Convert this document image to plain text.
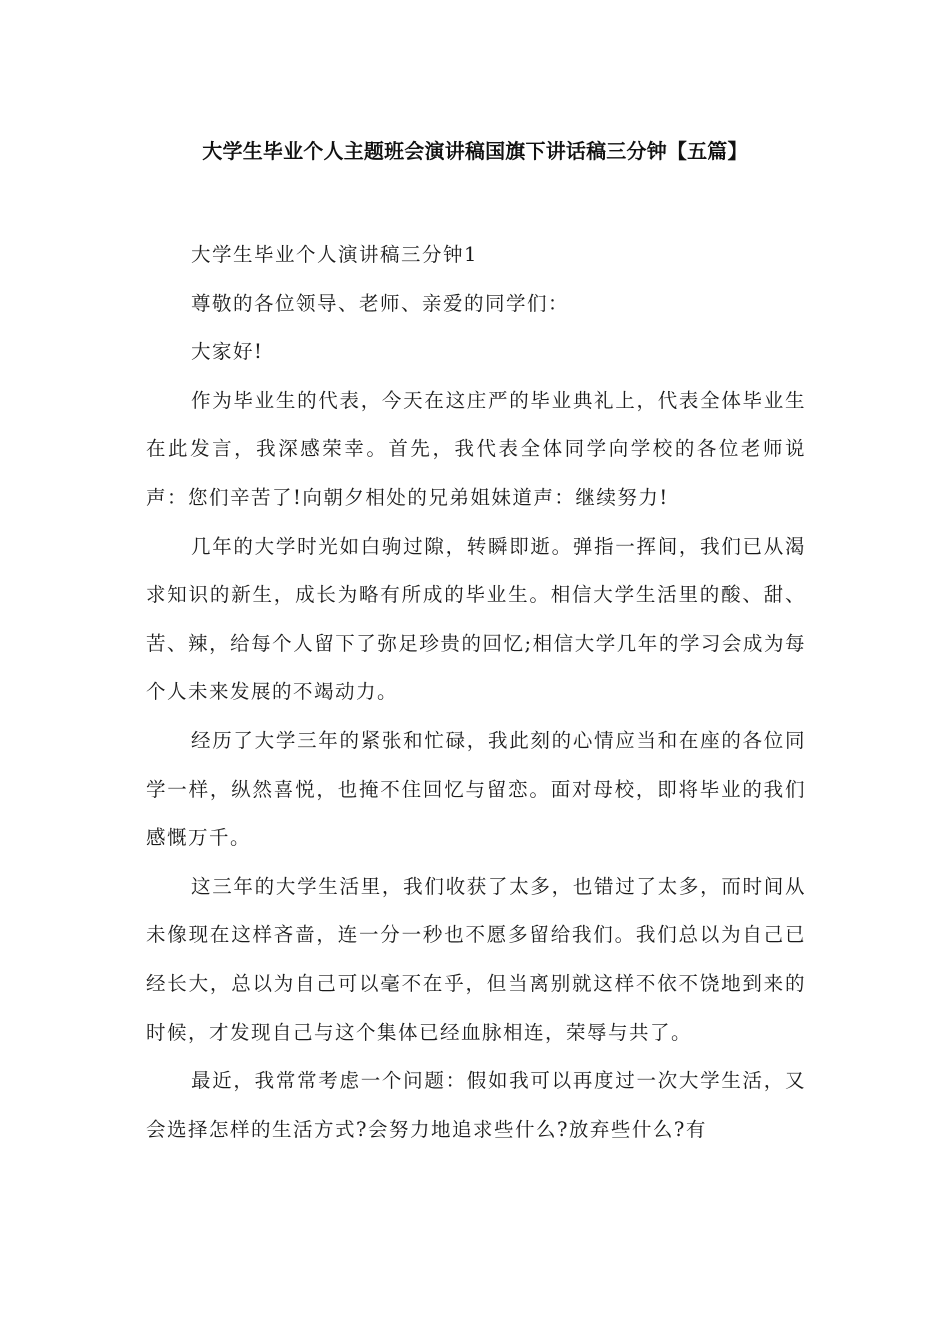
大学生毕业个人主题班会演讲稿国旗下讲话稿三分钟【五篇】

大学生毕业个人演讲稿三分钟1

尊敬的各位领导、老师、亲爱的同学们：

大家好!

作为毕业生的代表，今天在这庄严的毕业典礼上，代表全体毕业生在此发言，我深感荣幸。首先，我代表全体同学向学校的各位老师说声：您们辛苦了!向朝夕相处的兄弟姐妹道声：继续努力!

几年的大学时光如白驹过隙，转瞬即逝。弹指一挥间，我们已从渴求知识的新生，成长为略有所成的毕业生。相信大学生活里的酸、甜、苦、辣，给每个人留下了弥足珍贵的回忆;相信大学几年的学习会成为每个人未来发展的不竭动力。

经历了大学三年的紧张和忙碌，我此刻的心情应当和在座的各位同学一样，纵然喜悦，也掩不住回忆与留恋。面对母校，即将毕业的我们感慨万千。

这三年的大学生活里，我们收获了太多，也错过了太多，而时间从未像现在这样吝啬，连一分一秒也不愿多留给我们。我们总以为自己已经长大，总以为自己可以毫不在乎，但当离别就这样不依不饶地到来的时候，才发现自己与这个集体已经血脉相连，荣辱与共了。

最近，我常常考虑一个问题：假如我可以再度过一次大学生活，又会选择怎样的生活方式?会努力地追求些什么?放弃些什么?有
